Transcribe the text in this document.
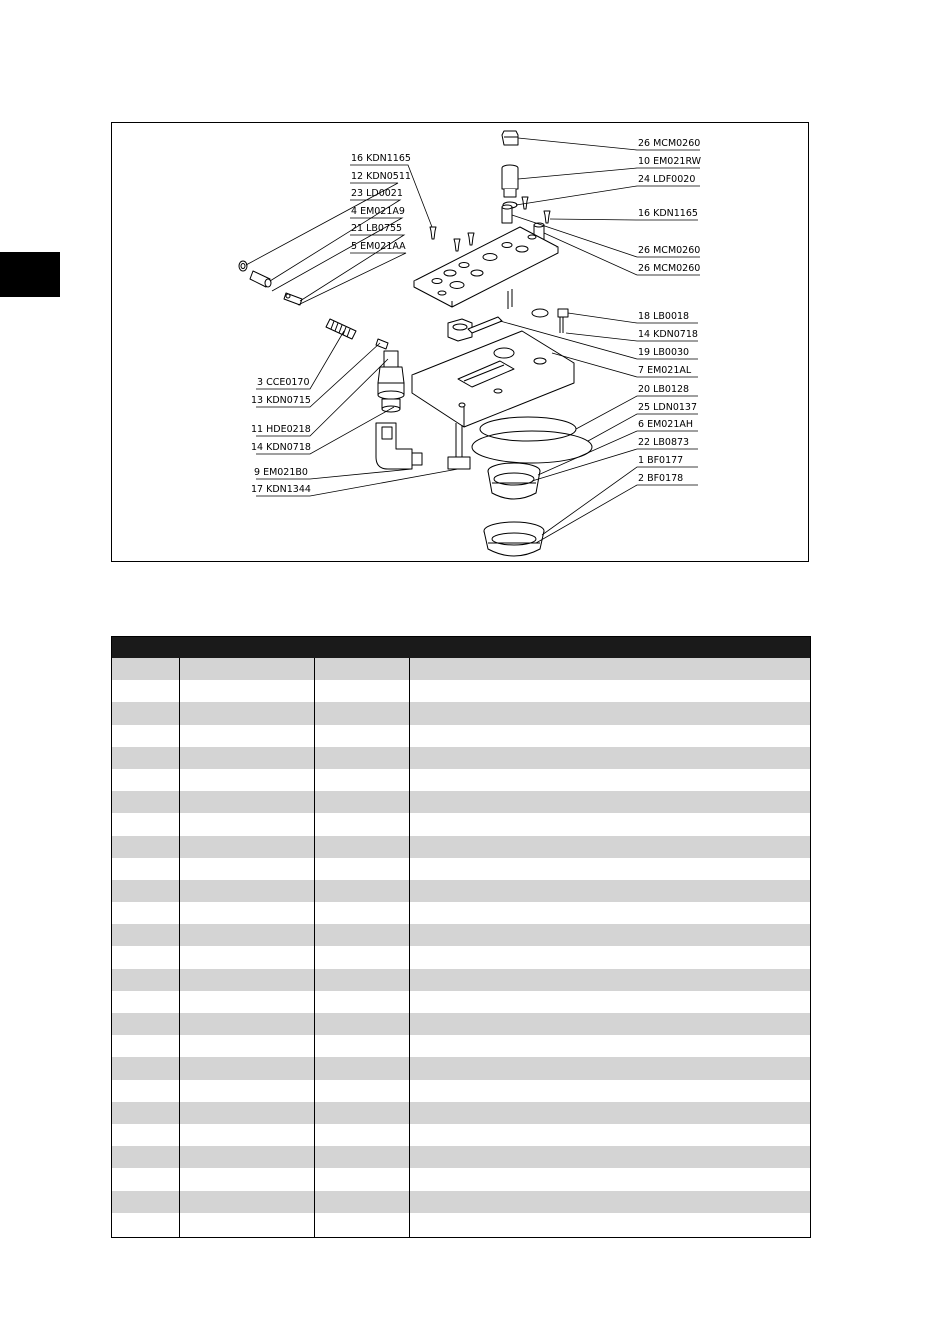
26 MCM0260
10 EM021RW
24 LDF0020
16 KDN1165
26 MCM0260
26 MCM0260
18 LB0018
14 KDN0718
19 LB0030
7 EM021AL
20 LB0128
25 LDN0137
6 EM021AH
22 LB0873
1 BF0177
2 BF0178
16 KDN1165
12 KDN0511
23 LD0021
4 EM021A9
21 LB0755
5 EM021AA
3 CCE0170
13 KDN0715
11 HDE0218
14 KDN0718
9 EM021B0
17 KDN1344
